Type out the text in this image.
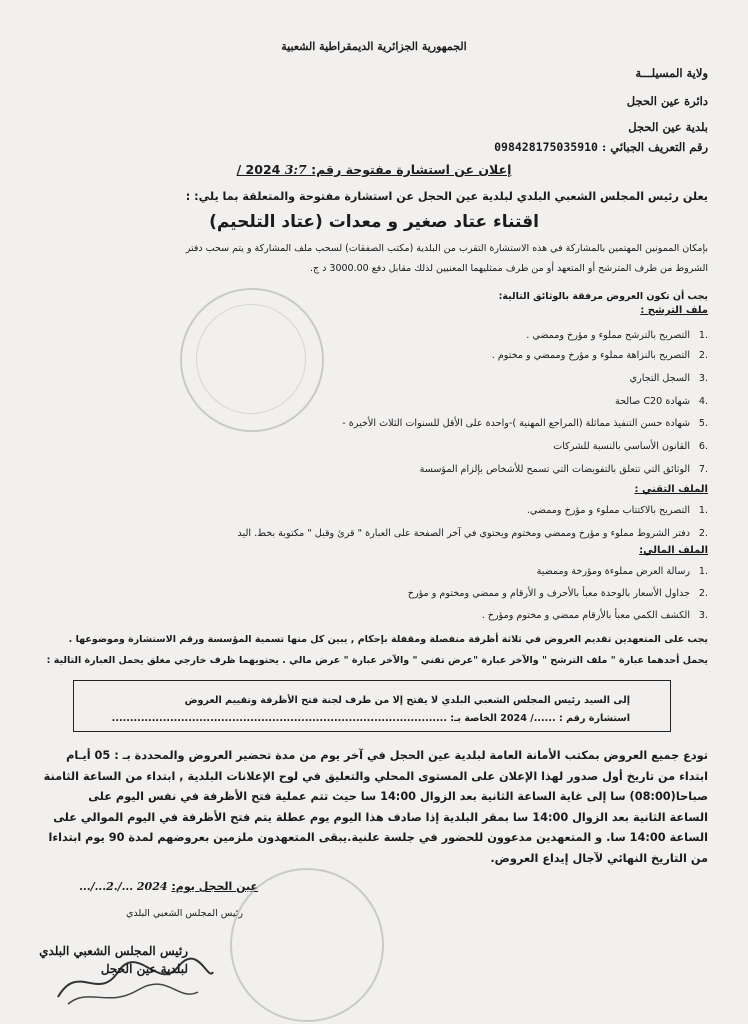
الجمهورية الجزائرية الديمقراطية الشعبية
ولاية المسيلـــة
دائرة عين الحجل
بلدية عين الحجل
رقم التعريف الجبائي : 098428175035910
إعلان عن استشارة مفتوحة رقم: 3:7 2024 /
يعلن رئيس المجلس الشعبي البلدي لبلدية عين الحجل عن استشارة مفتوحة والمتعلقة بما يلي: :
اقتناء عتاد صغير و معدات (عتاد التلحيم)
بإمكان الممونين المهتمين بالمشاركة في هذه الاستشارة التقرب من البلدية (مكتب الصفقات) لسحب ملف المشاركة و يتم سحب دفتر
الشروط من طرف المترشح أو المتعهد أو من طرف ممثليهما المعنيين لذلك مقابل دفع 3000.00 د ج.
يجب أن تكون العروض مرفقة بالوثائق التالية:
ملف الترشح :
.1التصريح بالترشح مملوء و مؤرخ وممضي .
.2التصريح بالنزاهة مملوء و مؤرخ وممضي و مختوم .
.3السجل التجاري
.4شهادة C20 صالحة
.5شهادة حسن التنفيذ مماثلة (المراجع المهنية )-واحدة على الأقل للسنوات الثلاث الأخيرة -
.6القانون الأساسي بالنسبة للشركات
.7الوثائق التي تتعلق بالتفويضات التي تسمح للأشخاص بإلزام المؤسسة
الملف التقني :
.1التصريح بالاكتتاب مملوء و مؤرخ وممضي.
.2دفتر الشروط مملوء و مؤرخ وممضي ومختوم ويحتوي في آخر الصفحة على العبارة " قرئ وقبل " مكتوبة بخط. اليد
الملف المالي:
.1رسالة العرض مملوءة ومؤرخة وممضية
.2جداول الأسعار بالوحدة معبأ بالأحرف و الأرقام و ممضي ومختوم و مؤرخ
.3الكشف الكمي معبأ بالأرقام ممضي و مختوم ومؤرخ .
يجب على المتعهدين تقديم العروض في ثلاثة أظرفة منفصلة ومقفلة بإحكام , يبين كل منها تسمية المؤسسة ورقم الاستشارة وموضوعها .
يحمل أحدهما عبارة " ملف الترشح " والآخر عبارة "عرض تقني " والآخر عبارة " عرض مالي . يحتويهما ظرف خارجي مغلق يحمل العبارة التالية :
إلى السيد رئيس المجلس الشعبي البلدي لا يفتح إلا من طرف لجنة فتح الأظرفة وتقييم العروض
استشارة رقم : ....../ 2024 الخاصة بـ: ............................................................................................
تودع جميع العروض بمكتب الأمانة العامة لبلدية عين الحجل في آخر يوم من مدة تحضير العروض والمحددة بـ : 05 أيـام
ابتداء من تاريخ أول صدور لهذا الإعلان على المستوى المحلي والتعليق في لوح الإعلانات البلدية , ابتداء من الساعة الثامنة
صباحا(08:00) سا إلى غاية الساعة الثانية بعد الزوال 14:00 سا حيث تتم عملية فتح الأظرفة في نفس اليوم على
الساعة الثانية بعد الزوال 14:00 سا بمقر البلدية إذا صادف هذا اليوم يوم عطلة يتم فتح الأظرفة في اليوم الموالي على
الساعة 14:00 سا. و المتعهدين مدعوون للحضور في جلسة علنية.يبقى المتعهدون ملزمين بعروضهم لمدة 90 يوم ابتداءا
من التاريخ النهائي لآجال إيداع العروض.
عين الحجل يوم: 2024 .../.2.../...
رئيس المجلس الشعبي البلدي
رئيس المجلس الشعبي البلدي
لبلدية عين الحجل
